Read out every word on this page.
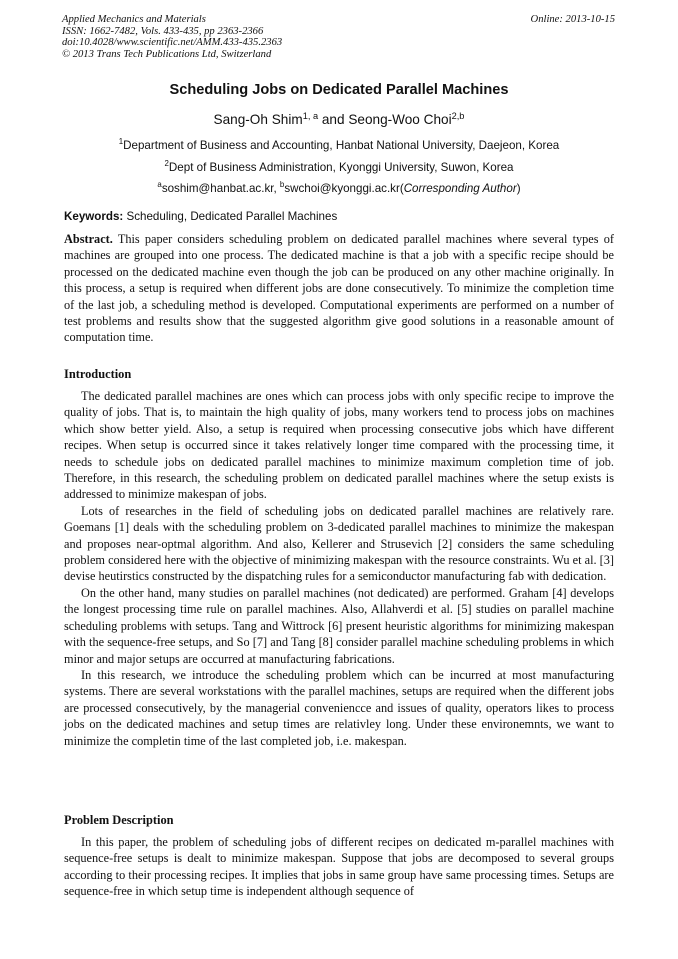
Applied Mechanics and Materials
ISSN: 1662-7482, Vols. 433-435, pp 2363-2366
doi:10.4028/www.scientific.net/AMM.433-435.2363
© 2013 Trans Tech Publications Ltd, Switzerland
Online: 2013-10-15
Scheduling Jobs on Dedicated Parallel Machines
Sang-Oh Shim$^{1, a}$ and Seong-Woo Choi$^{2,b}$
$^1$Department of Business and Accounting, Hanbat National University, Daejeon, Korea
$^2$Dept of Business Administration, Kyonggi University, Suwon, Korea
$^a$soshim@hanbat.ac.kr, $^b$swchoi@kyonggi.ac.kr(Corresponding Author)
Keywords: Scheduling, Dedicated Parallel Machines

Abstract. This paper considers scheduling problem on dedicated parallel machines where several types of machines are grouped into one process. The dedicated machine is that a job with a specific recipe should be processed on the dedicated machine even though the job can be produced on any other machine originally. In this process, a setup is required when different jobs are done consecutively. To minimize the completion time of the last job, a scheduling method is developed. Computational experiments are performed on a number of test problems and results show that the suggested algorithm give good solutions in a reasonable amount of computation time.

Introduction

The dedicated parallel machines are ones which can process jobs with only specific recipe to improve the quality of jobs. That is, to maintain the high quality of jobs, many workers tend to process jobs on machines which show better yield. Also, a setup is required when processing consecutive jobs which have different recipes. When setup is occurred since it takes relatively longer time compared with the processing time, it needs to schedule jobs on dedicated parallel machines to minimize maximum completion time of job. Therefore, in this research, the scheduling problem on dedicated parallel machines where the setup exists is addressed to minimize makespan of jobs.

Lots of researches in the field of scheduling jobs on dedicated parallel machines are relatively rare. Goemans [1] deals with the scheduling problem on 3-dedicated parallel machines to minimize the makespan and proposes near-optmal algorithm. And also, Kellerer and Strusevich [2] considers the same scheduling problem considered here with the objective of minimizing makespan with the resource constraints. Wu et al. [3] devise heutirstics constructed by the dispatching rules for a semiconductor manufacturing fab with dedication.

On the other hand, many studies on parallel machines (not dedicated) are performed. Graham [4] develops the longest processing time rule on parallel machines. Also, Allahverdi et al. [5] studies on parallel machine scheduling problems with setups. Tang and Wittrock [6] present heuristic algorithms for minimizing makespan with the sequence-free setups, and So [7] and Tang [8] consider parallel machine scheduling problems in which minor and major setups are occurred at manufacturing fabrications.

In this research, we introduce the scheduling problem which can be incurred at most manufacturing systems. There are several workstations with the parallel machines, setups are required when the different jobs are processed consecutively, by the managerial conveniencce and issues of quality, operators likes to process jobs on the dedicated machines and setup times are relativley long. Under these environemnts, we want to minimize the completin time of the last completed job, i.e. makespan.

Problem Description

In this paper, the problem of scheduling jobs of different recipes on dedicated m-parallel machines with sequence-free setups is dealt to minimize makespan. Suppose that jobs are decomposed to several groups according to their processing recipes. It implies that jobs in same group have same processing times. Setups are sequence-free in which setup time is independent although sequence of
